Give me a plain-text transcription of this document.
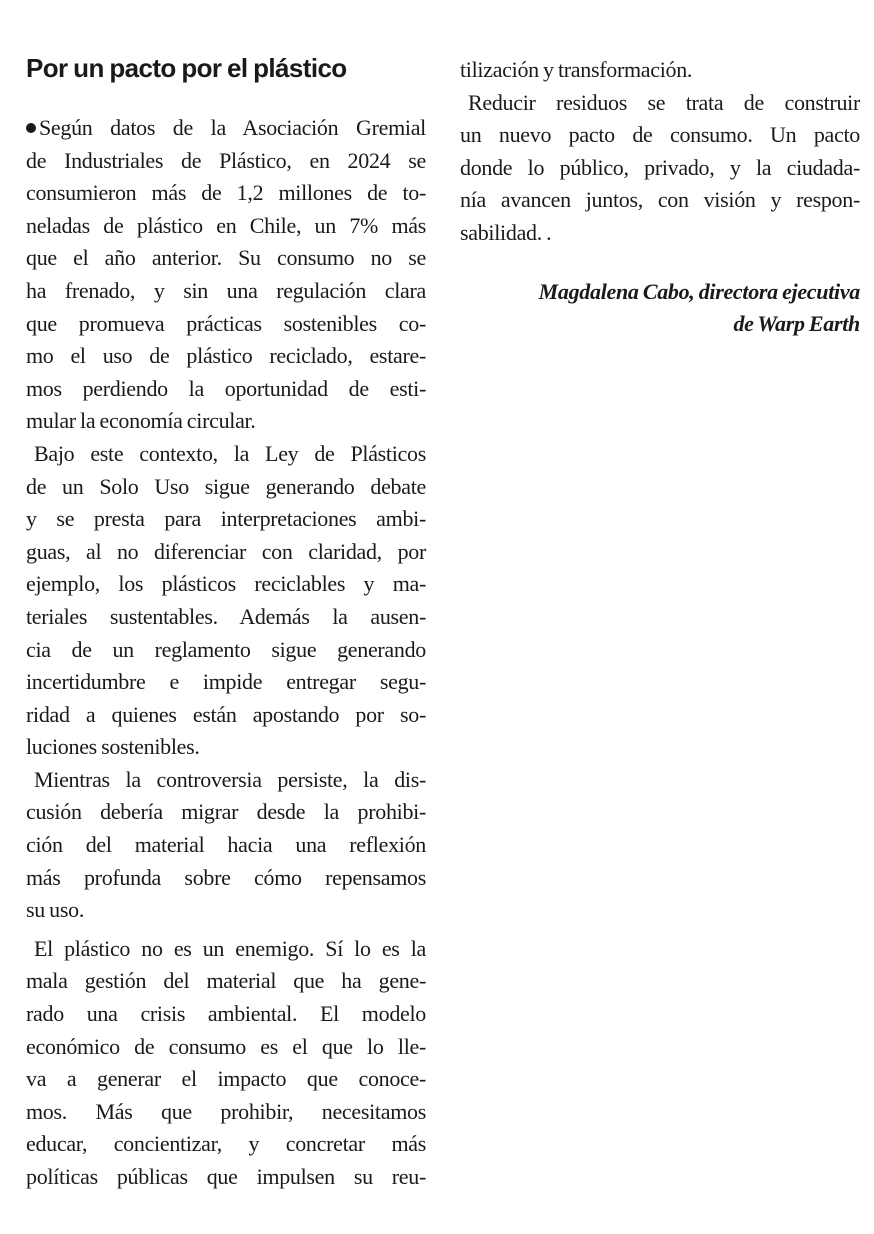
Por un pacto por el plástico
Según datos de la Asociación Gremial
de Industriales de Plástico, en 2024 se
consumieron más de 1,2 millones de to-
neladas de plástico en Chile, un 7% más
que el año anterior. Su consumo no se
ha frenado, y sin una regulación clara
que promueva prácticas sostenibles co-
mo el uso de plástico reciclado, estare-
mos perdiendo la oportunidad de esti-
mular la economía circular.
Bajo este contexto, la Ley de Plásticos
de un Solo Uso sigue generando debate
y se presta para interpretaciones ambi-
guas, al no diferenciar con claridad, por
ejemplo, los plásticos reciclables y ma-
teriales sustentables. Además la ausen-
cia de un reglamento sigue generando
incertidumbre e impide entregar segu-
ridad a quienes están apostando por so-
luciones sostenibles.
Mientras la controversia persiste, la dis-
cusión debería migrar desde la prohibi-
ción del material hacia una reflexión
más profunda sobre cómo repensamos
su uso.
El plástico no es un enemigo. Sí lo es la
mala gestión del material que ha gene-
rado una crisis ambiental. El modelo
económico de consumo es el que lo lle-
va a generar el impacto que conoce-
mos. Más que prohibir, necesitamos
educar, concientizar, y concretar más
políticas públicas que impulsen su reu-
tilización y transformación.
Reducir residuos se trata de construir
un nuevo pacto de consumo. Un pacto
donde lo público, privado, y la ciudada-
nía avancen juntos, con visión y respon-
sabilidad. .
Magdalena Cabo, directora ejecutiva
de Warp Earth
